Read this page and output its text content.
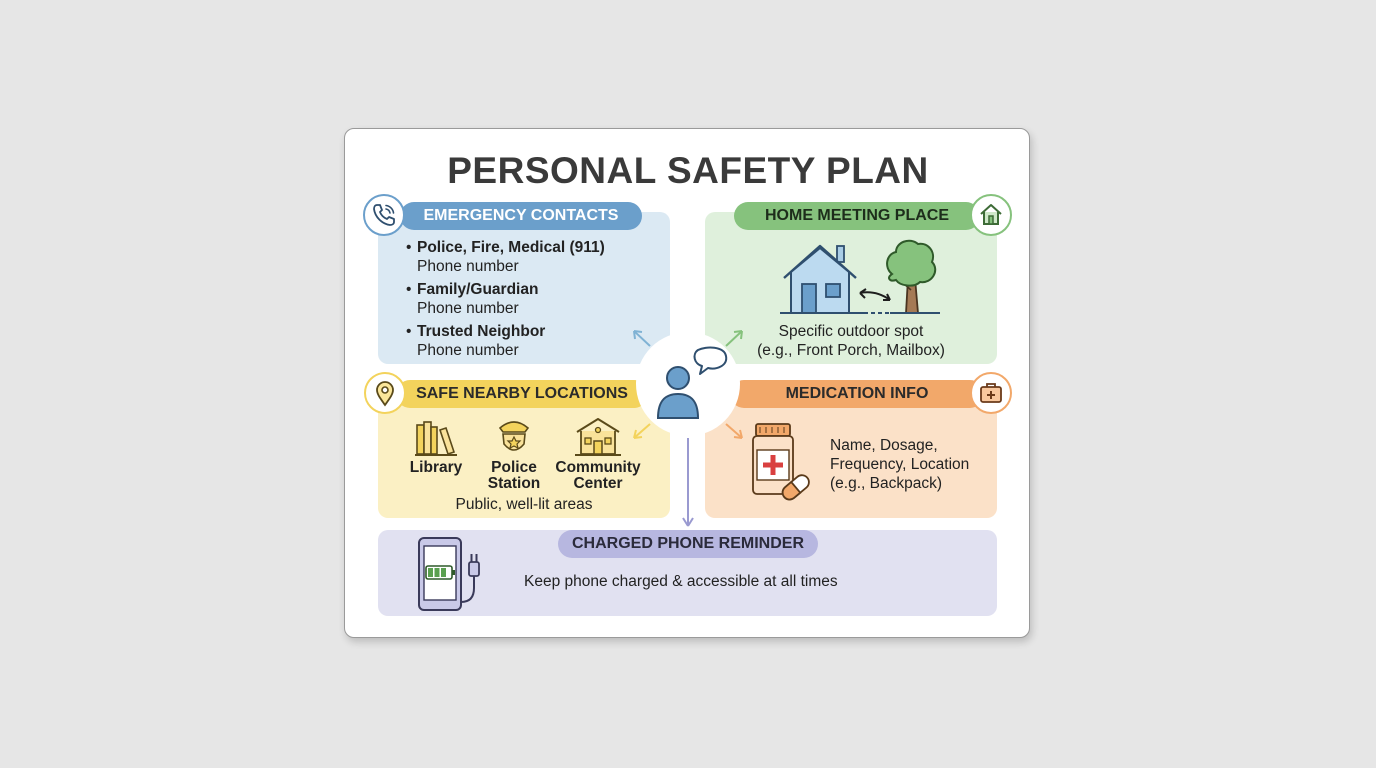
PERSONAL SAFETY PLAN
EMERGENCY CONTACTS	HOME MEETING PLACE
SAFE NEARBY LOCATIONS	MEDICATION INFO
CHARGED PHONE REMINDER
• Police, Fire, Medical (911)
Phone number
• Family/Guardian
Phone number
• Trusted Neighbor
Phone number
Specific outdoor spot
(e.g., Front Porch, Mailbox)
Library	Police
Station
Community
Center
Public, well-lit areas
Name, Dosage,
Frequency, Location
(e.g., Backpack)
Keep phone charged & accessible at all times
